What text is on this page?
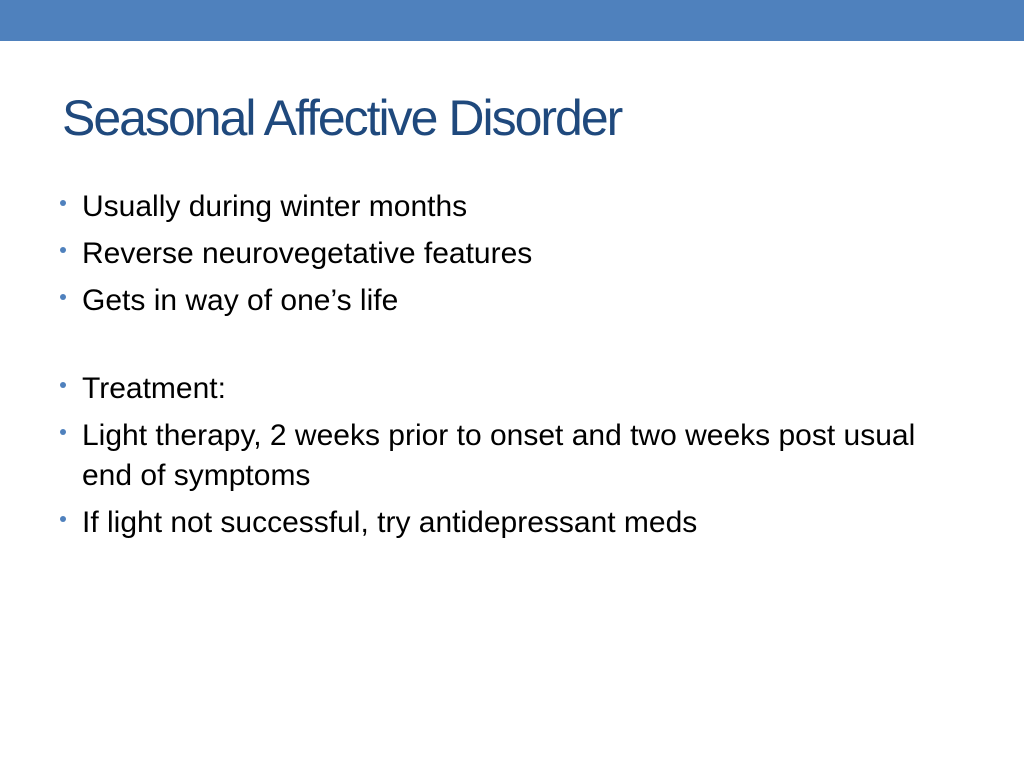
Seasonal Affective Disorder
Usually during winter months
Reverse neurovegetative features
Gets in way of one’s life
Treatment:
Light therapy, 2 weeks prior to onset and two weeks post usual end of symptoms
If light not successful, try antidepressant meds
